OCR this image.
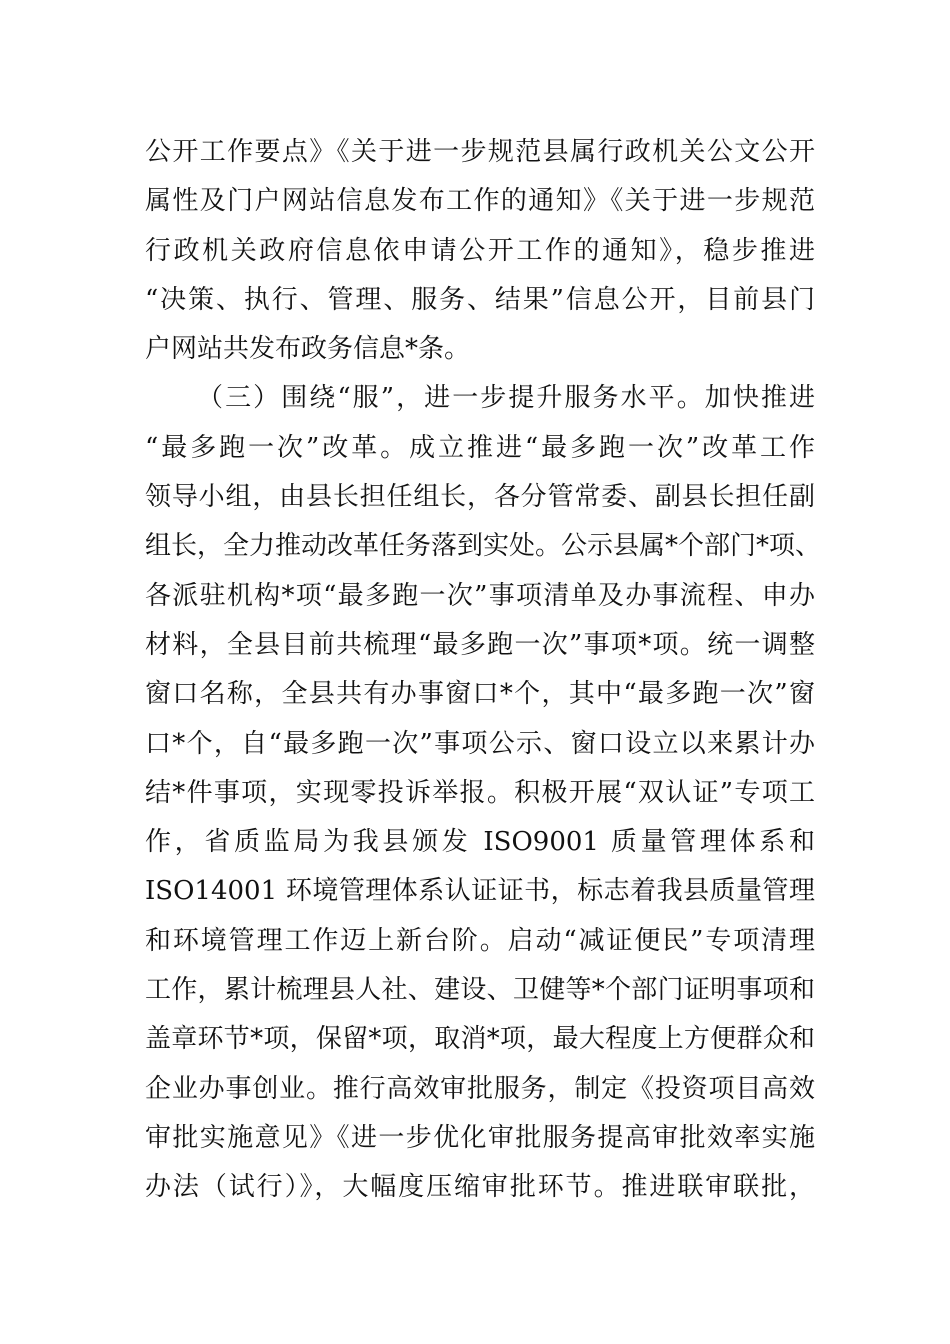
公开工作要点》《关于进一步规范县属行政机关公文公开
属性及门户网站信息发布工作的通知》《关于进一步规范
行政机关政府信息依申请公开工作的通知》，稳步推进
“决策、执行、管理、服务、结果”信息公开，目前县门
户网站共发布政务信息*条。
（三）围绕“服”，进一步提升服务水平。加快推进
“最多跑一次”改革。成立推进“最多跑一次”改革工作
领导小组，由县长担任组长，各分管常委、副县长担任副
组长，全力推动改革任务落到实处。公示县属*个部门*项、
各派驻机构*项“最多跑一次”事项清单及办事流程、申办
材料，全县目前共梳理“最多跑一次”事项*项。统一调整
窗口名称，全县共有办事窗口*个，其中“最多跑一次”窗
口*个，自“最多跑一次”事项公示、窗口设立以来累计办
结*件事项，实现零投诉举报。积极开展“双认证”专项工
作，省质监局为我县颁发 ISO9001 质量管理体系和
ISO14001 环境管理体系认证证书，标志着我县质量管理
和环境管理工作迈上新台阶。启动“减证便民”专项清理
工作，累计梳理县人社、建设、卫健等*个部门证明事项和
盖章环节*项，保留*项，取消*项，最大程度上方便群众和
企业办事创业。推行高效审批服务，制定《投资项目高效
审批实施意见》《进一步优化审批服务提高审批效率实施
办法（试行）》，大幅度压缩审批环节。推进联审联批，
